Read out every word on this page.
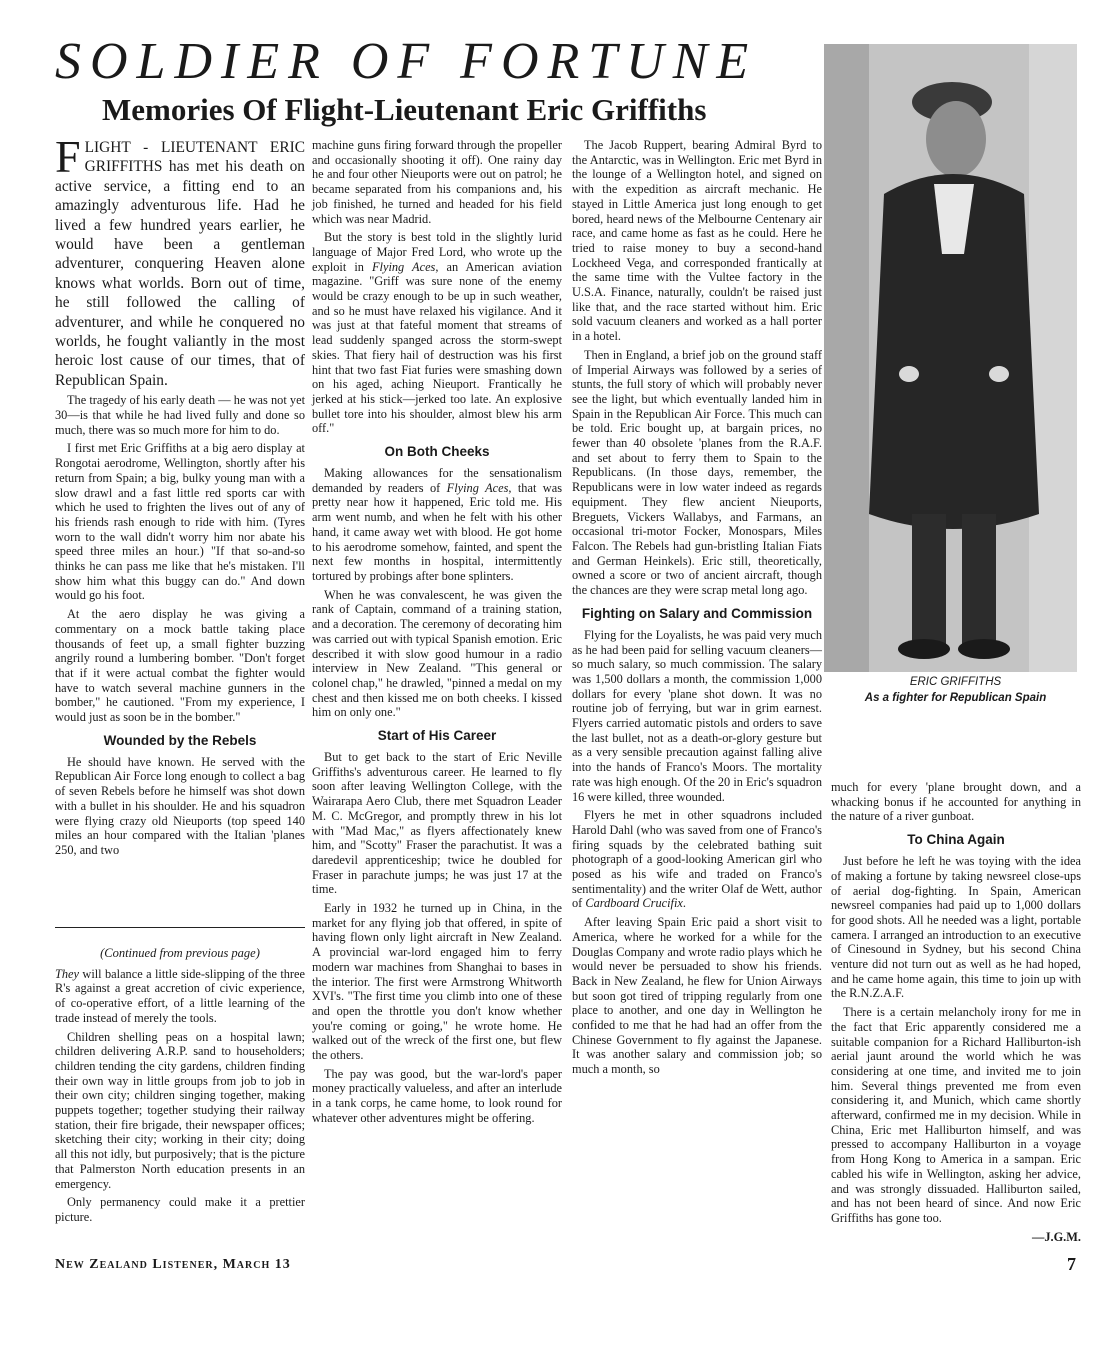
SOLDIER OF FORTUNE
Memories Of Flight-Lieutenant Eric Griffiths

FLIGHT - LIEUTENANT ERIC GRIFFITHS has met his death on active service, a fitting end to an amazingly adventurous life. Had he lived a few hundred years earlier, he would have been a gentleman adventurer, conquering Heaven alone knows what worlds. Born out of time, he still followed the calling of adventurer, and while he conquered no worlds, he fought valiantly in the most heroic lost cause of our times, that of Republican Spain.

The tragedy of his early death — he was not yet 30—is that while he had lived fully and done so much, there was so much more for him to do.

I first met Eric Griffiths at a big aero display at Rongotai aerodrome, Wellington, shortly after his return from Spain; a big, bulky young man with a slow drawl and a fast little red sports car with which he used to frighten the lives out of any of his friends rash enough to ride with him. (Tyres worn to the wall didn't worry him nor abate his speed three miles an hour.) "If that so-and-so thinks he can pass me like that he's mistaken. I'll show him what this buggy can do." And down would go his foot.

At the aero display he was giving a commentary on a mock battle taking place thousands of feet up, a small fighter buzzing angrily round a lumbering bomber. "Don't forget that if it were actual combat the fighter would have to watch several machine gunners in the bomber," he cautioned. "From my experience, I would just as soon be in the bomber."

Wounded by the Rebels

He should have known. He served with the Republican Air Force long enough to collect a bag of seven Rebels before he himself was shot down with a bullet in his shoulder. He and his squadron were flying crazy old Nieuports (top speed 140 miles an hour compared with the Italian 'planes 250, and two

(Continued from previous page)

They will balance a little side-slipping of the three R's against a great accretion of civic experience, of co-operative effort, of a little learning of the trade instead of merely the tools.

Children shelling peas on a hospital lawn; children delivering A.R.P. sand to householders; children tending the city gardens, children finding their own way in little groups from job to job in their own city; children singing together, making puppets together; together studying their railway station, their fire brigade, their newspaper offices; sketching their city; working in their city; doing all this not idly, but purposively; that is the picture that Palmerston North education presents in an emergency.

Only permanency could make it a prettier picture.

machine guns firing forward through the propeller and occasionally shooting it off). One rainy day he and four other Nieuports were out on patrol; he became separated from his companions and, his job finished, he turned and headed for his field which was near Madrid.

But the story is best told in the slightly lurid language of Major Fred Lord, who wrote up the exploit in Flying Aces, an American aviation magazine. "Griff was sure none of the enemy would be crazy enough to be up in such weather, and so he must have relaxed his vigilance. And it was just at that fateful moment that streams of lead suddenly spanged across the storm-swept skies. That fiery hail of destruction was his first hint that two fast Fiat furies were smashing down on his aged, aching Nieuport. Frantically he jerked at his stick—jerked too late. An explosive bullet tore into his shoulder, almost blew his arm off."

On Both Cheeks

Making allowances for the sensationalism demanded by readers of Flying Aces, that was pretty near how it happened, Eric told me. His arm went numb, and when he felt with his other hand, it came away wet with blood. He got home to his aerodrome somehow, fainted, and spent the next few months in hospital, intermittently tortured by probings after bone splinters.

When he was convalescent, he was given the rank of Captain, command of a training station, and a decoration. The ceremony of decorating him was carried out with typical Spanish emotion. Eric described it with slow good humour in a radio interview in New Zealand. "This general or colonel chap," he drawled, "pinned a medal on my chest and then kissed me on both cheeks. I kissed him on only one."

Start of His Career

But to get back to the start of Eric Neville Griffiths's adventurous career. He learned to fly soon after leaving Wellington College, with the Wairarapa Aero Club, there met Squadron Leader M. C. McGregor, and promptly threw in his lot with "Mad Mac," as flyers affectionately knew him, and "Scotty" Fraser the parachutist. It was a daredevil apprenticeship; twice he doubled for Fraser in parachute jumps; he was just 17 at the time.

Early in 1932 he turned up in China, in the market for any flying job that offered, in spite of having flown only light aircraft in New Zealand. A provincial war-lord engaged him to ferry modern war machines from Shanghai to bases in the interior. The first were Armstrong Whitworth XVI's. "The first time you climb into one of these and open the throttle you don't know whether you're coming or going," he wrote home. He walked out of the wreck of the first one, but flew the others.

The pay was good, but the war-lord's paper money practically valueless, and after an interlude in a tank corps, he came home, to look round for whatever other adventures might be offering.

The Jacob Ruppert, bearing Admiral Byrd to the Antarctic, was in Wellington. Eric met Byrd in the lounge of a Wellington hotel, and signed on with the expedition as aircraft mechanic. He stayed in Little America just long enough to get bored, heard news of the Melbourne Centenary air race, and came home as fast as he could. Here he tried to raise money to buy a second-hand Lockheed Vega, and corresponded frantically at the same time with the Vultee factory in the U.S.A. Finance, naturally, couldn't be raised just like that, and the race started without him. Eric sold vacuum cleaners and worked as a hall porter in a hotel.

Then in England, a brief job on the ground staff of Imperial Airways was followed by a series of stunts, the full story of which will probably never see the light, but which eventually landed him in Spain in the Republican Air Force. This much can be told. Eric bought up, at bargain prices, no fewer than 40 obsolete 'planes from the R.A.F. and set about to ferry them to Spain to the Republicans. (In those days, remember, the Republicans were in low water indeed as regards equipment. They flew ancient Nieuports, Breguets, Vickers Wallabys, and Farmans, an occasional tri-motor Focker, Monospars, Miles Falcon. The Rebels had gun-bristling Italian Fiats and German Heinkels). Eric still, theoretically, owned a score or two of ancient aircraft, though the chances are they were scrap metal long ago.

Fighting on Salary and Commission

Flying for the Loyalists, he was paid very much as he had been paid for selling vacuum cleaners—so much salary, so much commission. The salary was 1,500 dollars a month, the commission 1,000 dollars for every 'plane shot down. It was no routine job of ferrying, but war in grim earnest. Flyers carried automatic pistols and orders to save the last bullet, not as a death-or-glory gesture but as a very sensible precaution against falling alive into the hands of Franco's Moors. The mortality rate was high enough. Of the 20 in Eric's squadron 16 were killed, three wounded.

Flyers he met in other squadrons included Harold Dahl (who was saved from one of Franco's firing squads by the celebrated bathing suit photograph of a good-looking American girl who posed as his wife and traded on Franco's sentimentality) and the writer Olaf de Wett, author of Cardboard Crucifix.

After leaving Spain Eric paid a short visit to America, where he worked for a while for the Douglas Company and wrote radio plays which he would never be persuaded to show his friends. Back in New Zealand, he flew for Union Airways but soon got tired of tripping regularly from one place to another, and one day in Wellington he confided to me that he had had an offer from the Chinese Government to fly against the Japanese. It was another salary and commission job; so much a month, so

ERIC GRIFFITHS
As a fighter for Republican Spain

much for every 'plane brought down, and a whacking bonus if he accounted for anything in the nature of a river gunboat.

To China Again

Just before he left he was toying with the idea of making a fortune by taking newsreel close-ups of aerial dog-fighting. In Spain, American newsreel companies had paid up to 1,000 dollars for good shots. All he needed was a light, portable camera. I arranged an introduction to an executive of Cinesound in Sydney, but his second China venture did not turn out as well as he had hoped, and he came home again, this time to join up with the R.N.Z.A.F.

There is a certain melancholy irony for me in the fact that Eric apparently considered me a suitable companion for a Richard Halliburton-ish aerial jaunt around the world which he was considering at one time, and invited me to join him. Several things prevented me from even considering it, and Munich, which came shortly afterward, confirmed me in my decision. While in China, Eric met Halliburton himself, and was pressed to accompany Halliburton in a voyage from Hong Kong to America in a sampan. Eric cabled his wife in Wellington, asking her advice, and was strongly dissuaded. Halliburton sailed, and has not been heard of since. And now Eric Griffiths has gone too.

—J.G.M.
New Zealand Listener, March 13	7
